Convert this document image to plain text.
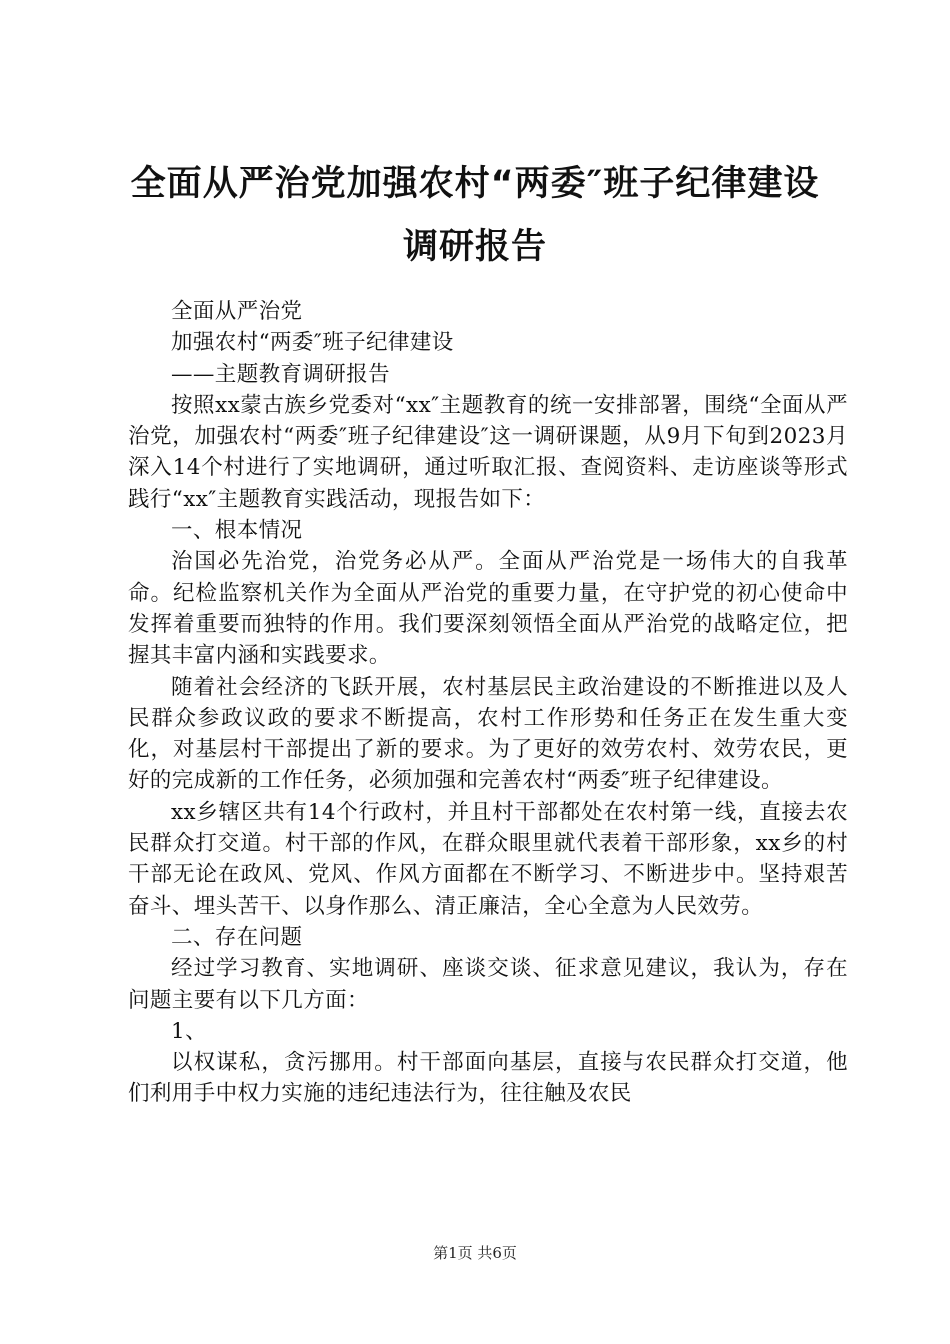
全面从严治党加强农村“两委″班子纪律建设
调研报告

全面从严治党

加强农村“两委″班子纪律建设

——主题教育调研报告

按照xx蒙古族乡党委对“xx″主题教育的统一安排部署，围绕“全面从严治党，加强农村“两委″班子纪律建设″这一调研课题，从9月下旬到2023月深入14个村进行了实地调研，通过听取汇报、查阅资料、走访座谈等形式践行“xx″主题教育实践活动，现报告如下：

一、根本情况

治国必先治党，治党务必从严。全面从严治党是一场伟大的自我革命。纪检监察机关作为全面从严治党的重要力量，在守护党的初心使命中发挥着重要而独特的作用。我们要深刻领悟全面从严治党的战略定位，把握其丰富内涵和实践要求。

随着社会经济的飞跃开展，农村基层民主政治建设的不断推进以及人民群众参政议政的要求不断提高，农村工作形势和任务正在发生重大变化，对基层村干部提出了新的要求。为了更好的效劳农村、效劳农民，更好的完成新的工作任务，必须加强和完善农村“两委″班子纪律建设。

xx乡辖区共有14个行政村，并且村干部都处在农村第一线，直接去农民群众打交道。村干部的作风，在群众眼里就代表着干部形象，xx乡的村干部无论在政风、党风、作风方面都在不断学习、不断进步中。坚持艰苦奋斗、埋头苦干、以身作那么、清正廉洁，全心全意为人民效劳。

二、存在问题

经过学习教育、实地调研、座谈交谈、征求意见建议，我认为，存在问题主要有以下几方面：

1、

以权谋私，贪污挪用。村干部面向基层，直接与农民群众打交道，他们利用手中权力实施的违纪违法行为，往往触及农民

第1页 共6页
